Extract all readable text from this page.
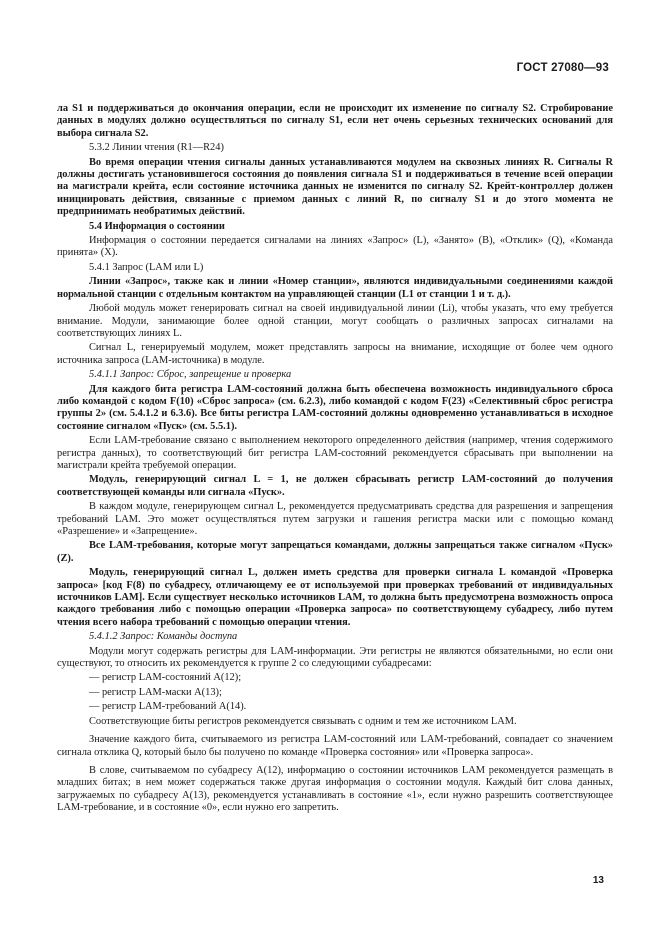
ГОСТ 27080—93

ла S1 и поддерживаться до окончания операции, если не происходит их изменение по сигналу S2. Стробирование данных в модулях должно осуществляться по сигналу S1, если нет очень серьезных технических оснований для выбора сигнала S2.

5.3.2 Линии чтения (R1—R24)

Во время операции чтения сигналы данных устанавливаются модулем на сквозных линиях R. Сигналы R должны достигать установившегося состояния до появления сигнала S1 и поддерживаться в течение всей операции на магистрали крейта, если состояние источника данных не изменится по сигналу S2. Крейт-контроллер должен инициировать действия, связанные с приемом данных с линий R, по сигналу S1 и до этого момента не предпринимать необратимых действий.

5.4 Информация о состоянии

Информация о состоянии передается сигналами на линиях «Запрос» (L), «Занято» (B), «Отклик» (Q), «Команда принята» (X).

5.4.1 Запрос (LAM или L)

Линии «Запрос», также как и линии «Номер станции», являются индивидуальными соединениями каждой нормальной станции с отдельным контактом на управляющей станции (L1 от станции 1 и т. д.).

Любой модуль может генерировать сигнал на своей индивидуальной линии (Li), чтобы указать, что ему требуется внимание. Модули, занимающие более одной станции, могут сообщать о различных запросах сигналами на соответствующих линиях L.

Сигнал L, генерируемый модулем, может представлять запросы на внимание, исходящие от более чем одного источника запроса (LAM-источника) в модуле.

5.4.1.1 Запрос: Сброс, запрещение и проверка

Для каждого бита регистра LAM-состояний должна быть обеспечена возможность индивидуального сброса либо командой с кодом F(10) «Сброс запроса» (см. 6.2.3), либо командой с кодом F(23) «Селективный сброс регистра группы 2» (см. 5.4.1.2 и 6.3.6). Все биты регистра LAM-состояний должны одновременно устанавливаться в исходное состояние сигналом «Пуск» (см. 5.5.1).

Если LAM-требование связано с выполнением некоторого определенного действия (например, чтения содержимого регистра данных), то соответствующий бит регистра LAM-состояний рекомендуется сбрасывать при выполнении на магистрали крейта требуемой операции.

Модуль, генерирующий сигнал L = 1, не должен сбрасывать регистр LAM-состояний до получения соответствующей команды или сигнала «Пуск».

В каждом модуле, генерирующем сигнал L, рекомендуется предусматривать средства для разрешения и запрещения требований LAM. Это может осуществляться путем загрузки и гашения регистра маски или с помощью команд «Разрешение» и «Запрещение».

Все LAM-требования, которые могут запрещаться командами, должны запрещаться также сигналом «Пуск» (Z).

Модуль, генерирующий сигнал L, должен иметь средства для проверки сигнала L командой «Проверка запроса» [код F(8) по субадресу, отличающему ее от используемой при проверках требований от индивидуальных источников LAM]. Если существует несколько источников LAM, то должна быть предусмотрена возможность опроса каждого требования либо с помощью операции «Проверка запроса» по соответствующему субадресу, либо путем чтения всего набора требований с помощью операции чтения.

5.4.1.2 Запрос: Команды доступа

Модули могут содержать регистры для LAM-информации. Эти регистры не являются обязательными, но если они существуют, то относить их рекомендуется к группе 2 со следующими субадресами:

— регистр LAM-состояний A(12);

— регистр LAM-маски A(13);

— регистр LAM-требований A(14).

Соответствующие биты регистров рекомендуется связывать с одним и тем же источником LAM.

Значение каждого бита, считываемого из регистра LAM-состояний или LAM-требований, совпадает со значением сигнала отклика Q, который было бы получено по команде «Проверка состояния» или «Проверка запроса».

В слове, считываемом по субадресу A(12), информацию о состоянии источников LAM рекомендуется размещать в младших битах; в нем может содержаться также другая информация о состоянии модуля. Каждый бит слова данных, загружаемых по субадресу A(13), рекомендуется устанавливать в состояние «1», если нужно разрешить соответствующее LAM-требование, и в состояние «0», если нужно его запретить.

13
